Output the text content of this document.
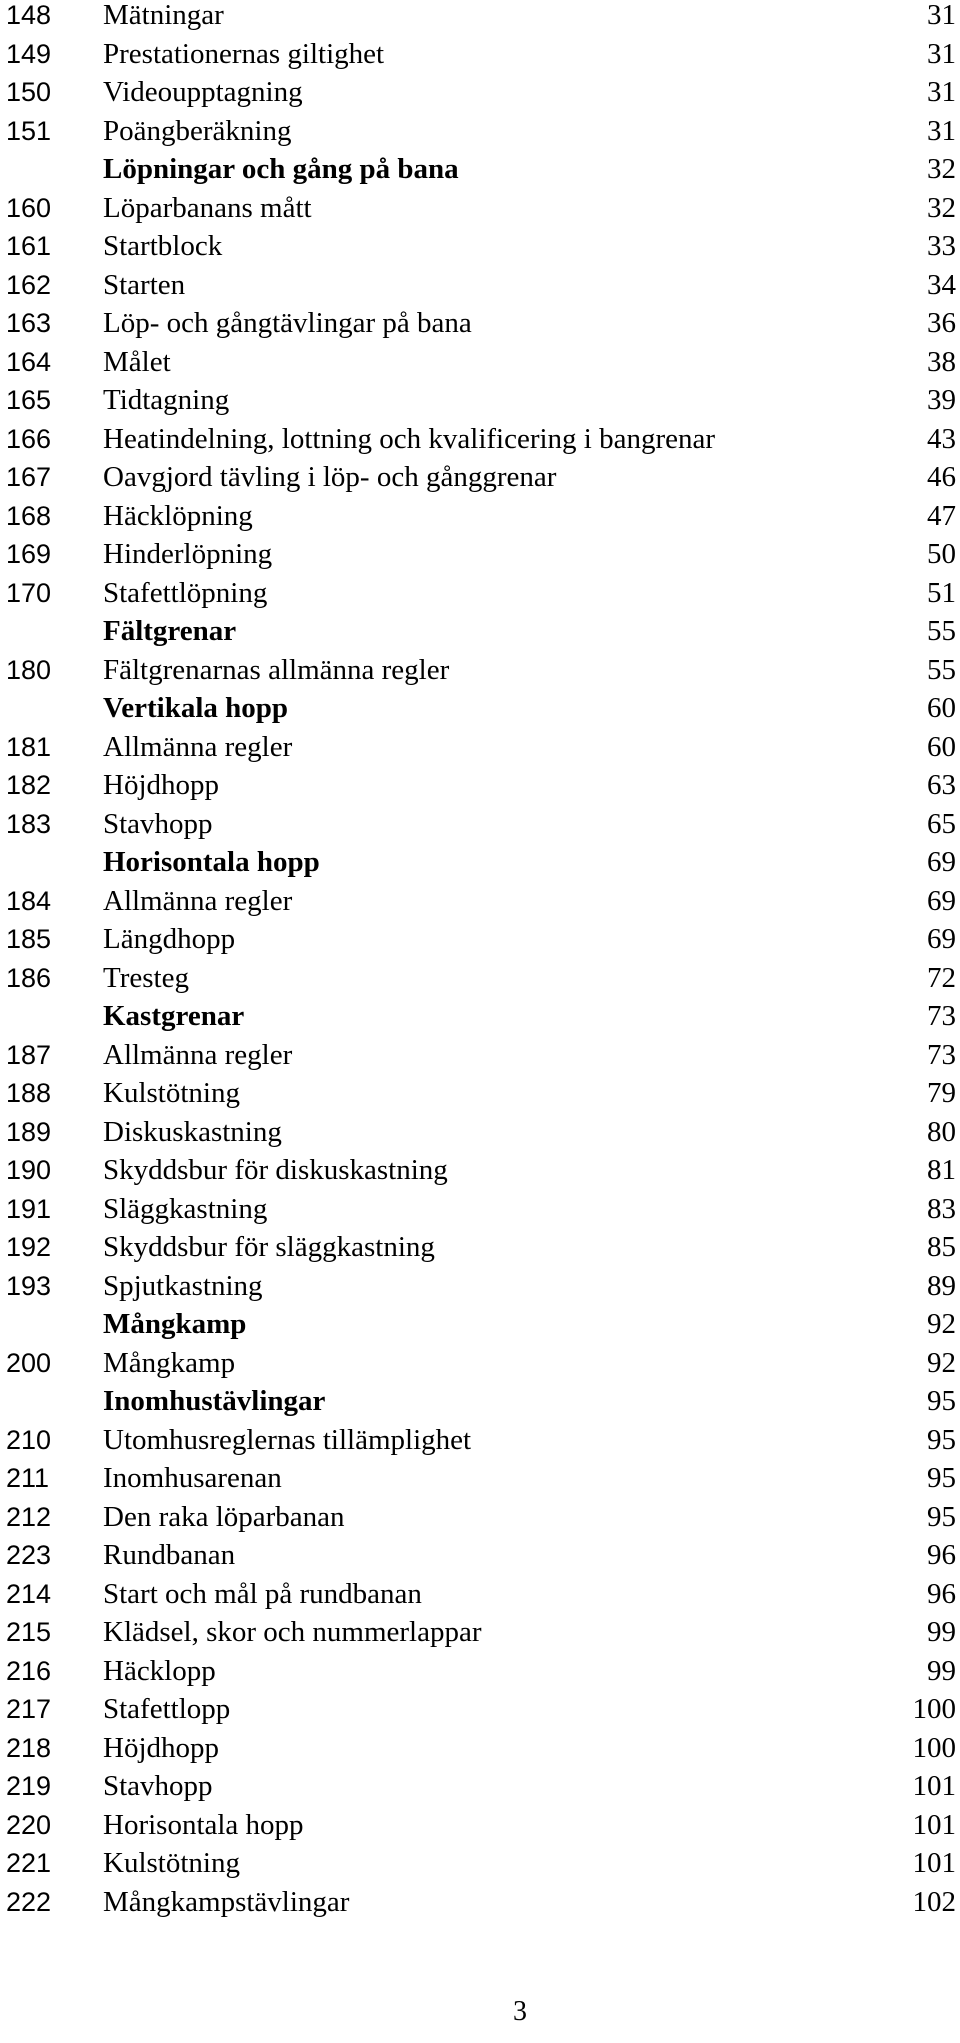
148 Mätningar	31
149 Prestationernas giltighet	31
150 Videoupptagning	31
151 Poängberäkning	31
Löpningar och gång på bana	32
160 Löparbanans mått	32
161 Startblock	33
162 Starten	34
163 Löp- och gångtävlingar på bana	36
164 Målet	38
165 Tidtagning	39
166 Heatindelning, lottning och kvalificering i bangrenar	43
167 Oavgjord tävling i löp- och gånggrenar	46
168 Häcklöpning	47
169 Hinderlöpning	50
170 Stafettlöpning	51
Fältgrenar	55
180 Fältgrenarnas allmänna regler	55
Vertikala hopp	60
181 Allmänna regler	60
182 Höjdhopp	63
183 Stavhopp	65
Horisontala hopp	69
184 Allmänna regler	69
185 Längdhopp	69
186 Tresteg	72
Kastgrenar	73
187 Allmänna regler	73
188 Kulstötning	79
189 Diskuskastning	80
190 Skyddsbur för diskuskastning	81
191 Släggkastning	83
192 Skyddsbur för släggkastning	85
193 Spjutkastning	89
Mångkamp	92
200 Mångkamp	92
Inomhustävlingar	95
210 Utomhusreglernas tillämplighet	95
211 Inomhusarenan	95
212 Den raka löparbanan	95
223 Rundbanan	96
214 Start och mål på rundbanan	96
215 Klädsel, skor och nummerlappar	99
216 Häcklopp	99
217 Stafettlopp	100
218 Höjdhopp	100
219 Stavhopp	101
220 Horisontala hopp	101
221 Kulstötning	101
222 Mångkampstävlingar	102
3
